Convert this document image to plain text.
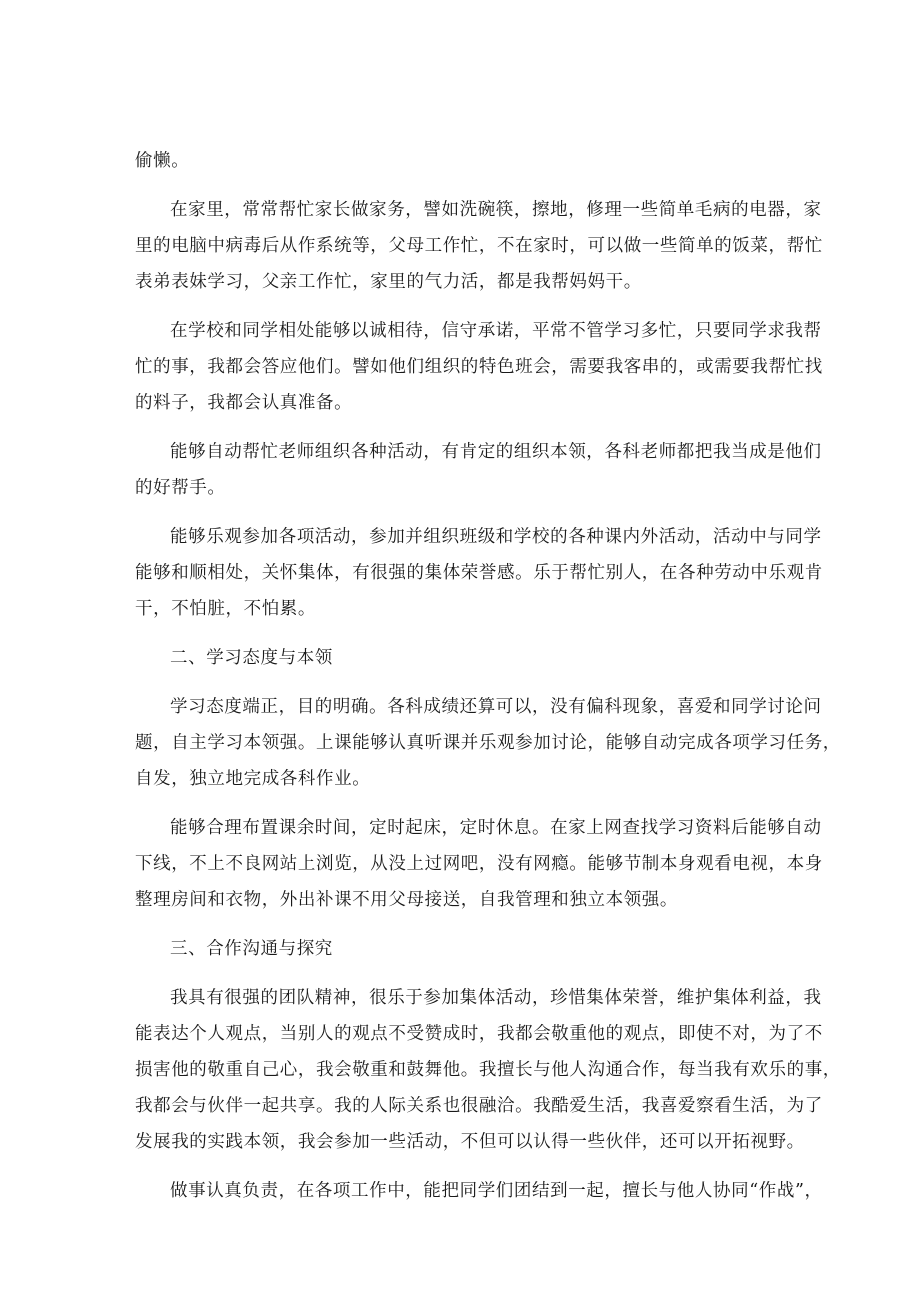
偷懒。

在家里，常常帮忙家长做家务，譬如洗碗筷，擦地，修理一些简单毛病的电器，家
里的电脑中病毒后从作系统等，父母工作忙，不在家时，可以做一些简单的饭菜，帮忙
表弟表妹学习，父亲工作忙，家里的气力活，都是我帮妈妈干。

在学校和同学相处能够以诚相待，信守承诺，平常不管学习多忙，只要同学求我帮
忙的事，我都会答应他们。譬如他们组织的特色班会，需要我客串的，或需要我帮忙找
的料子，我都会认真准备。

能够自动帮忙老师组织各种活动，有肯定的组织本领，各科老师都把我当成是他们
的好帮手。

能够乐观参加各项活动，参加并组织班级和学校的各种课内外活动，活动中与同学
能够和顺相处，关怀集体，有很强的集体荣誉感。乐于帮忙别人，在各种劳动中乐观肯
干，不怕脏，不怕累。

二、学习态度与本领

学习态度端正，目的明确。各科成绩还算可以，没有偏科现象，喜爱和同学讨论问
题，自主学习本领强。上课能够认真听课并乐观参加讨论，能够自动完成各项学习任务，
自发，独立地完成各科作业。

能够合理布置课余时间，定时起床，定时休息。在家上网查找学习资料后能够自动
下线，不上不良网站上浏览，从没上过网吧，没有网瘾。能够节制本身观看电视，本身
整理房间和衣物，外出补课不用父母接送，自我管理和独立本领强。

三、合作沟通与探究

我具有很强的团队精神，很乐于参加集体活动，珍惜集体荣誉，维护集体利益，我
能表达个人观点，当别人的观点不受赞成时，我都会敬重他的观点，即使不对，为了不
损害他的敬重自己心，我会敬重和鼓舞他。我擅长与他人沟通合作，每当我有欢乐的事，
我都会与伙伴一起共享。我的人际关系也很融洽。我酷爱生活，我喜爱察看生活，为了
发展我的实践本领，我会参加一些活动，不但可以认得一些伙伴，还可以开拓视野。

做事认真负责，在各项工作中，能把同学们团结到一起，擅长与他人协同“作战”，
